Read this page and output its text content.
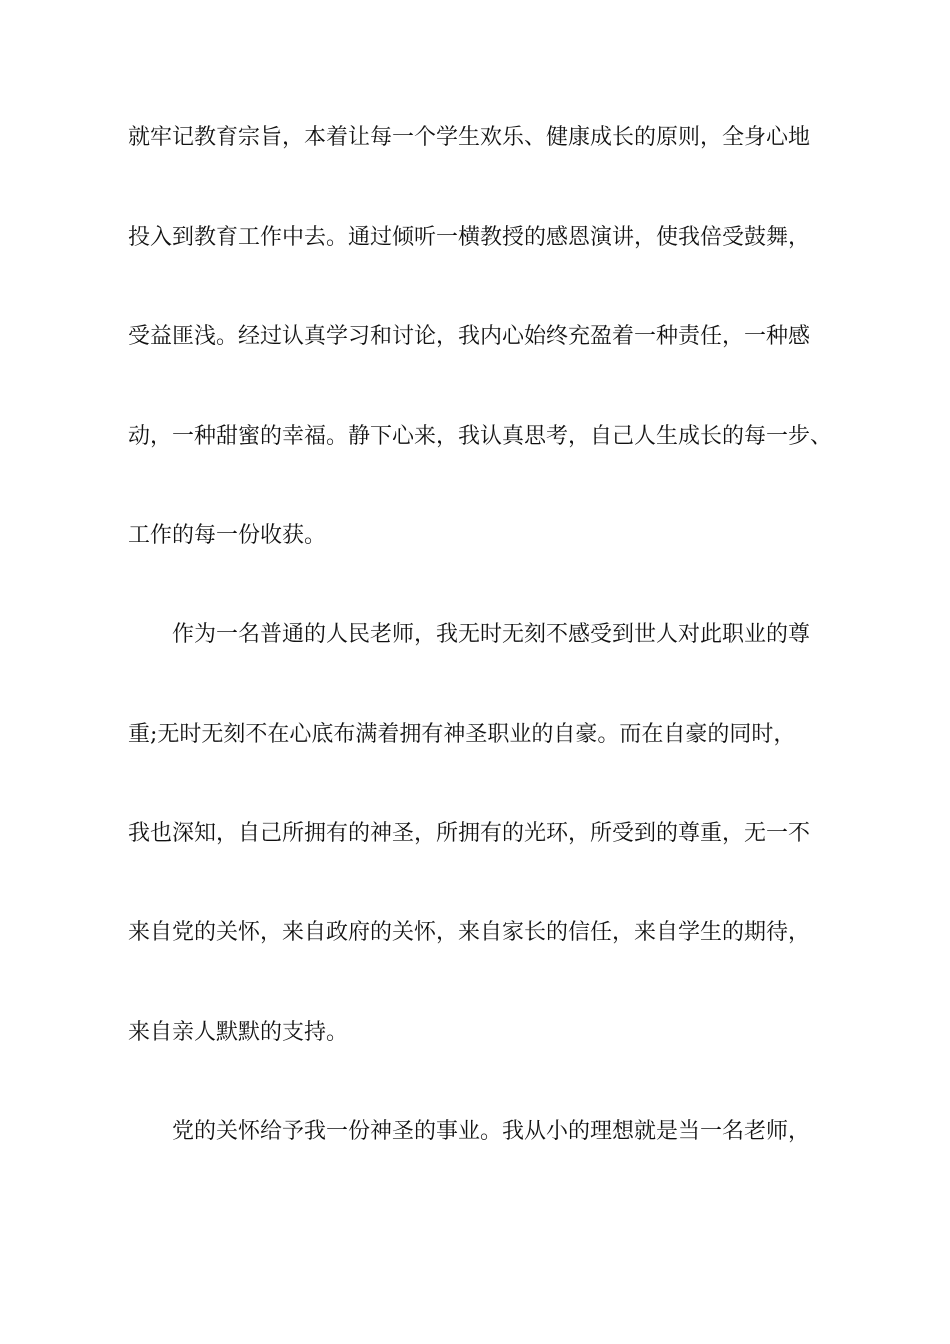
就牢记教育宗旨，本着让每一个学生欢乐、健康成长的原则，全身心地

投入到教育工作中去。通过倾听一横教授的感恩演讲，使我倍受鼓舞，

受益匪浅。经过认真学习和讨论，我内心始终充盈着一种责任，一种感

动，一种甜蜜的幸福。静下心来，我认真思考，自己人生成长的每一步、

工作的每一份收获。

作为一名普通的人民老师，我无时无刻不感受到世人对此职业的尊

重;无时无刻不在心底布满着拥有神圣职业的自豪。而在自豪的同时，

我也深知，自己所拥有的神圣，所拥有的光环，所受到的尊重，无一不

来自党的关怀，来自政府的关怀，来自家长的信任，来自学生的期待，

来自亲人默默的支持。

党的关怀给予我一份神圣的事业。我从小的理想就是当一名老师，
